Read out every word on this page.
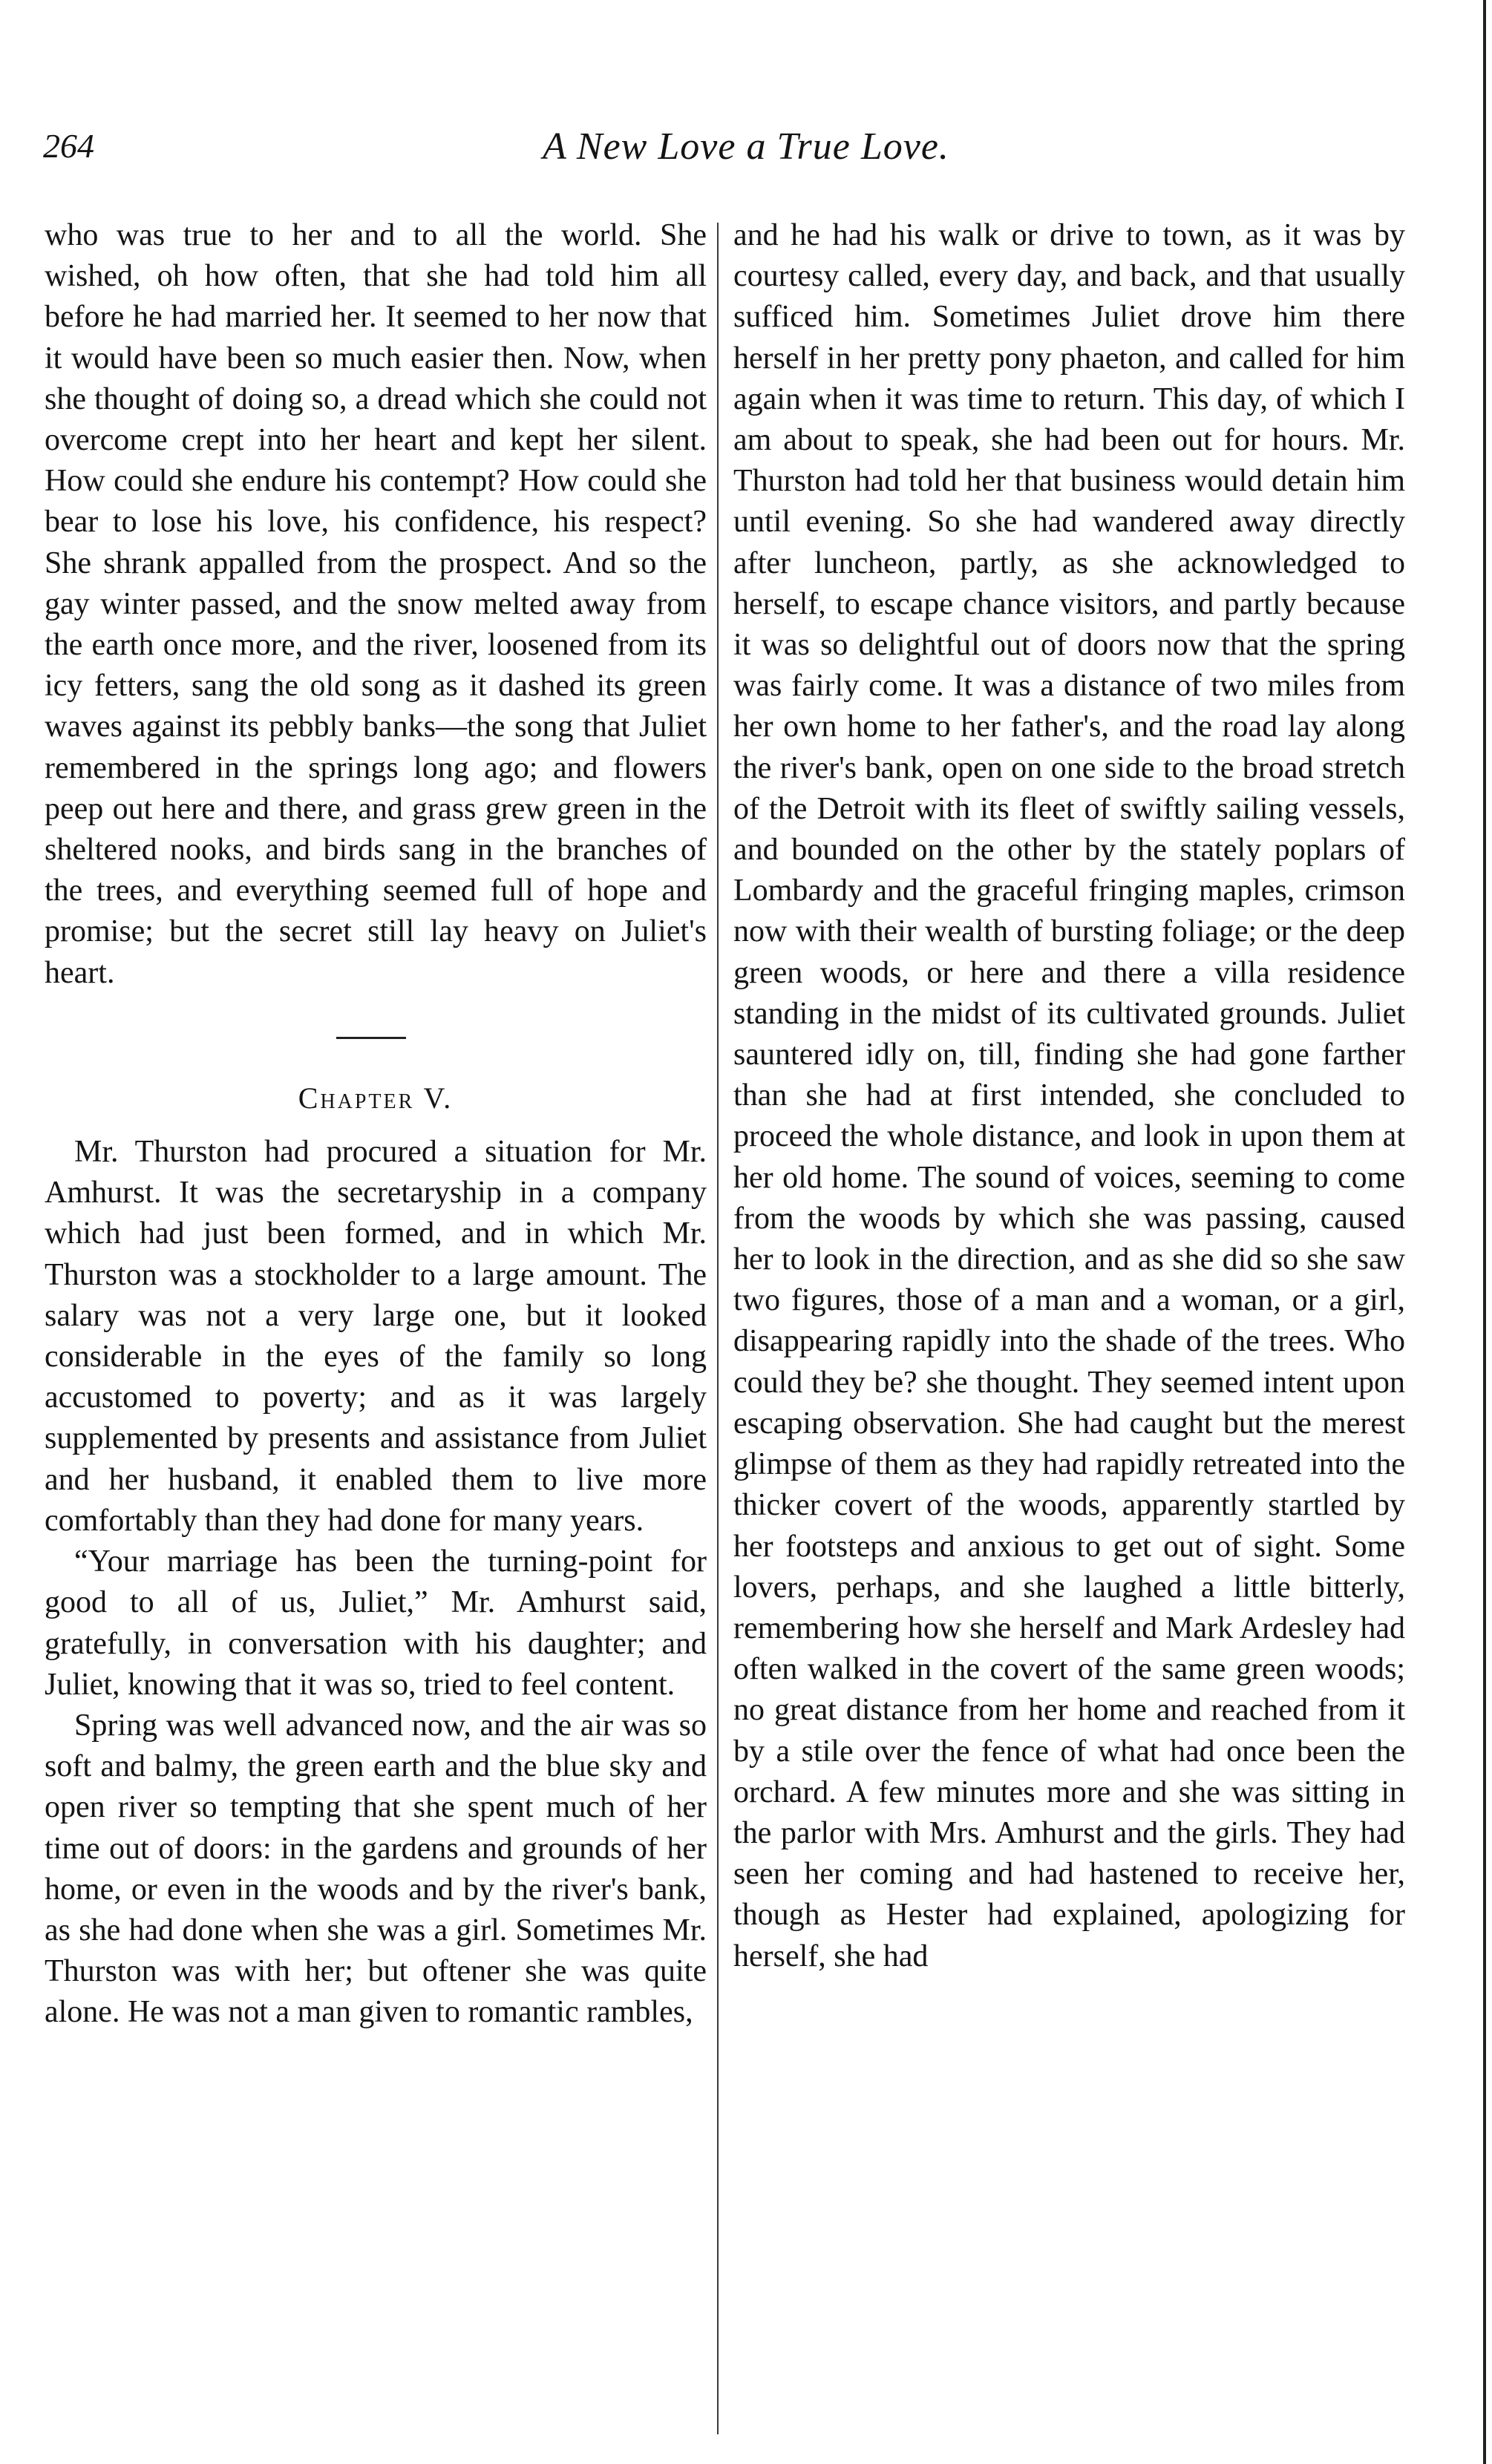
264	A New Love a True Love.

who was true to her and to all the world. She wished, oh how often, that she had told him all before he had married her. It seemed to her now that it would have been so much easier then. Now, when she thought of doing so, a dread which she could not overcome crept into her heart and kept her silent. How could she endure his contempt? How could she bear to lose his love, his confidence, his respect? She shrank appalled from the prospect. And so the gay winter passed, and the snow melted away from the earth once more, and the river, loosened from its icy fetters, sang the old song as it dashed its green waves against its pebbly banks—the song that Juliet remembered in the springs long ago; and flowers peep out here and there, and grass grew green in the sheltered nooks, and birds sang in the branches of the trees, and everything seemed full of hope and promise; but the secret still lay heavy on Juliet's heart.

Chapter V.

Mr. Thurston had procured a situation for Mr. Amhurst. It was the secretaryship in a company which had just been formed, and in which Mr. Thurston was a stockholder to a large amount. The salary was not a very large one, but it looked considerable in the eyes of the family so long accustomed to poverty; and as it was largely supplemented by presents and assistance from Juliet and her husband, it enabled them to live more comfortably than they had done for many years.

“Your marriage has been the turning-point for good to all of us, Juliet,” Mr. Amhurst said, gratefully, in conversation with his daughter; and Juliet, knowing that it was so, tried to feel content.

Spring was well advanced now, and the air was so soft and balmy, the green earth and the blue sky and open river so tempting that she spent much of her time out of doors: in the gardens and grounds of her home, or even in the woods and by the river's bank, as she had done when she was a girl. Sometimes Mr. Thurston was with her; but oftener she was quite alone. He was not a man given to romantic rambles,

and he had his walk or drive to town, as it was by courtesy called, every day, and back, and that usually sufficed him. Sometimes Juliet drove him there herself in her pretty pony phaeton, and called for him again when it was time to return. This day, of which I am about to speak, she had been out for hours. Mr. Thurston had told her that business would detain him until evening. So she had wandered away directly after luncheon, partly, as she acknowledged to herself, to escape chance visitors, and partly because it was so delightful out of doors now that the spring was fairly come. It was a distance of two miles from her own home to her father's, and the road lay along the river's bank, open on one side to the broad stretch of the Detroit with its fleet of swiftly sailing vessels, and bounded on the other by the stately poplars of Lombardy and the graceful fringing maples, crimson now with their wealth of bursting foliage; or the deep green woods, or here and there a villa residence standing in the midst of its cultivated grounds. Juliet sauntered idly on, till, finding she had gone farther than she had at first intended, she concluded to proceed the whole distance, and look in upon them at her old home. The sound of voices, seeming to come from the woods by which she was passing, caused her to look in the direction, and as she did so she saw two figures, those of a man and a woman, or a girl, disappearing rapidly into the shade of the trees. Who could they be? she thought. They seemed intent upon escaping observation. She had caught but the merest glimpse of them as they had rapidly retreated into the thicker covert of the woods, apparently startled by her footsteps and anxious to get out of sight. Some lovers, perhaps, and she laughed a little bitterly, remembering how she herself and Mark Ardesley had often walked in the covert of the same green woods; no great distance from her home and reached from it by a stile over the fence of what had once been the orchard. A few minutes more and she was sitting in the parlor with Mrs. Amhurst and the girls. They had seen her coming and had hastened to receive her, though as Hester had explained, apologizing for herself, she had
